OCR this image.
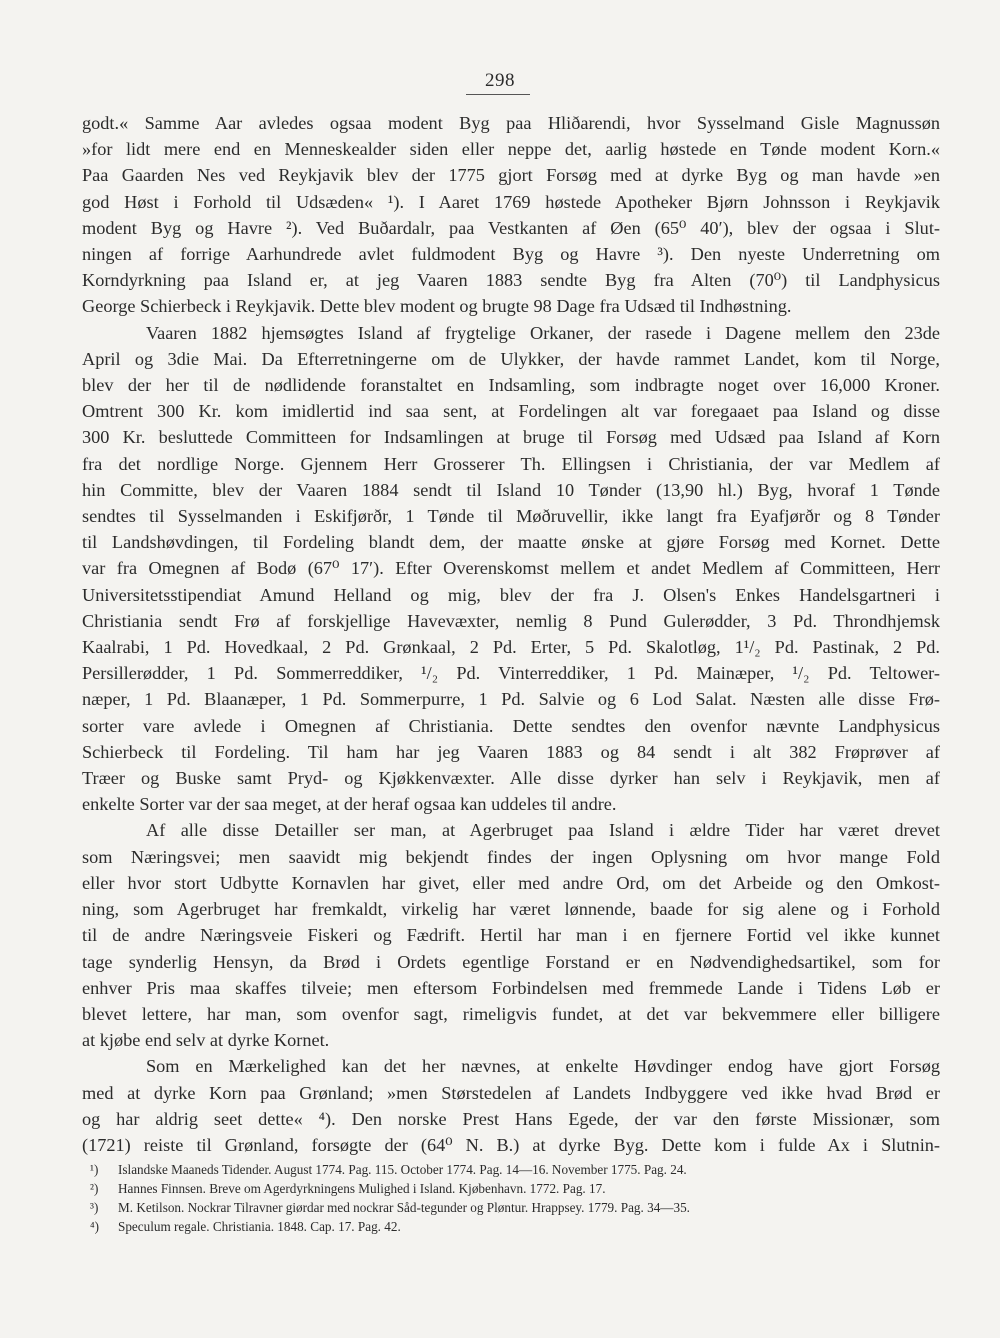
298
godt.« Samme Aar avledes ogsaa modent Byg paa Hliðarendi, hvor Sysselmand Gisle Magnussøn
»for lidt mere end en Menneskealder siden eller neppe det, aarlig høstede en Tønde modent Korn.«
Paa Gaarden Nes ved Reykjavik blev der 1775 gjort Forsøg med at dyrke Byg og man havde »en
god Høst i Forhold til Udsæden« ¹). I Aaret 1769 høstede Apotheker Bjørn Johnsson i Reykjavik
modent Byg og Havre ²). Ved Buðardalr, paa Vestkanten af Øen (65⁰ 40′), blev der ogsaa i Slut-
ningen af forrige Aarhundrede avlet fuldmodent Byg og Havre ³). Den nyeste Underretning om
Korndyrkning paa Island er, at jeg Vaaren 1883 sendte Byg fra Alten (70⁰) til Landphysicus
George Schierbeck i Reykjavik. Dette blev modent og brugte 98 Dage fra Udsæd til Indhøstning.
Vaaren 1882 hjemsøgtes Island af frygtelige Orkaner, der rasede i Dagene mellem den 23de
April og 3die Mai. Da Efterretningerne om de Ulykker, der havde rammet Landet, kom til Norge,
blev der her til de nødlidende foranstaltet en Indsamling, som indbragte noget over 16,000 Kroner.
Omtrent 300 Kr. kom imidlertid ind saa sent, at Fordelingen alt var foregaaet paa Island og disse
300 Kr. besluttede Committeen for Indsamlingen at bruge til Forsøg med Udsæd paa Island af Korn
fra det nordlige Norge. Gjennem Herr Grosserer Th. Ellingsen i Christiania, der var Medlem af
hin Committe, blev der Vaaren 1884 sendt til Island 10 Tønder (13,90 hl.) Byg, hvoraf 1 Tønde
sendtes til Sysselmanden i Eskifjørðr, 1 Tønde til Møðruvellir, ikke langt fra Eyafjørðr og 8 Tønder
til Landshøvdingen, til Fordeling blandt dem, der maatte ønske at gjøre Forsøg med Kornet. Dette
var fra Omegnen af Bodø (67⁰ 17′). Efter Overenskomst mellem et andet Medlem af Committeen, Herr
Universitetsstipendiat Amund Helland og mig, blev der fra J. Olsen's Enkes Handelsgartneri i
Christiania sendt Frø af forskjellige Havevæxter, nemlig 8 Pund Gulerødder, 3 Pd. Throndhjemsk
Kaalrabi, 1 Pd. Hovedkaal, 2 Pd. Grønkaal, 2 Pd. Erter, 5 Pd. Skalotløg, 1¹/₂ Pd. Pastinak, 2 Pd.
Persillerødder, 1 Pd. Sommerreddiker, ¹/₂ Pd. Vinterreddiker, 1 Pd. Mainæper, ¹/₂ Pd. Teltower-
næper, 1 Pd. Blaanæper, 1 Pd. Sommerpurre, 1 Pd. Salvie og 6 Lod Salat. Næsten alle disse Frø-
sorter vare avlede i Omegnen af Christiania. Dette sendtes den ovenfor nævnte Landphysicus
Schierbeck til Fordeling. Til ham har jeg Vaaren 1883 og 84 sendt i alt 382 Frøprøver af
Træer og Buske samt Pryd- og Kjøkkenvæxter. Alle disse dyrker han selv i Reykjavik, men af
enkelte Sorter var der saa meget, at der heraf ogsaa kan uddeles til andre.
Af alle disse Detailler ser man, at Agerbruget paa Island i ældre Tider har været drevet
som Næringsvei; men saavidt mig bekjendt findes der ingen Oplysning om hvor mange Fold
eller hvor stort Udbytte Kornavlen har givet, eller med andre Ord, om det Arbeide og den Omkost-
ning, som Agerbruget har fremkaldt, virkelig har været lønnende, baade for sig alene og i Forhold
til de andre Næringsveie Fiskeri og Fædrift. Hertil har man i en fjernere Fortid vel ikke kunnet
tage synderlig Hensyn, da Brød i Ordets egentlige Forstand er en Nødvendighedsartikel, som for
enhver Pris maa skaffes tilveie; men eftersom Forbindelsen med fremmede Lande i Tidens Løb er
blevet lettere, har man, som ovenfor sagt, rimeligvis fundet, at det var bekvemmere eller billigere
at kjøbe end selv at dyrke Kornet.
Som en Mærkelighed kan det her nævnes, at enkelte Høvdinger endog have gjort Forsøg
med at dyrke Korn paa Grønland; »men Størstedelen af Landets Indbyggere ved ikke hvad Brød er
og har aldrig seet dette« ⁴). Den norske Prest Hans Egede, der var den første Missionær, som
(1721) reiste til Grønland, forsøgte der (64⁰ N. B.) at dyrke Byg. Dette kom i fulde Ax i Slutnin-
¹) Islandske Maaneds Tidender. August 1774. Pag. 115. October 1774. Pag. 14—16. November 1775. Pag. 24.
²) Hannes Finnsen. Breve om Agerdyrkningens Mulighed i Island. Kjøbenhavn. 1772. Pag. 17.
³) M. Ketilson. Nockrar Tilravner giørdar med nockrar Såd-tegunder og Pløntur. Hrappsey. 1779. Pag. 34—35.
⁴) Speculum regale. Christiania. 1848. Cap. 17. Pag. 42.
